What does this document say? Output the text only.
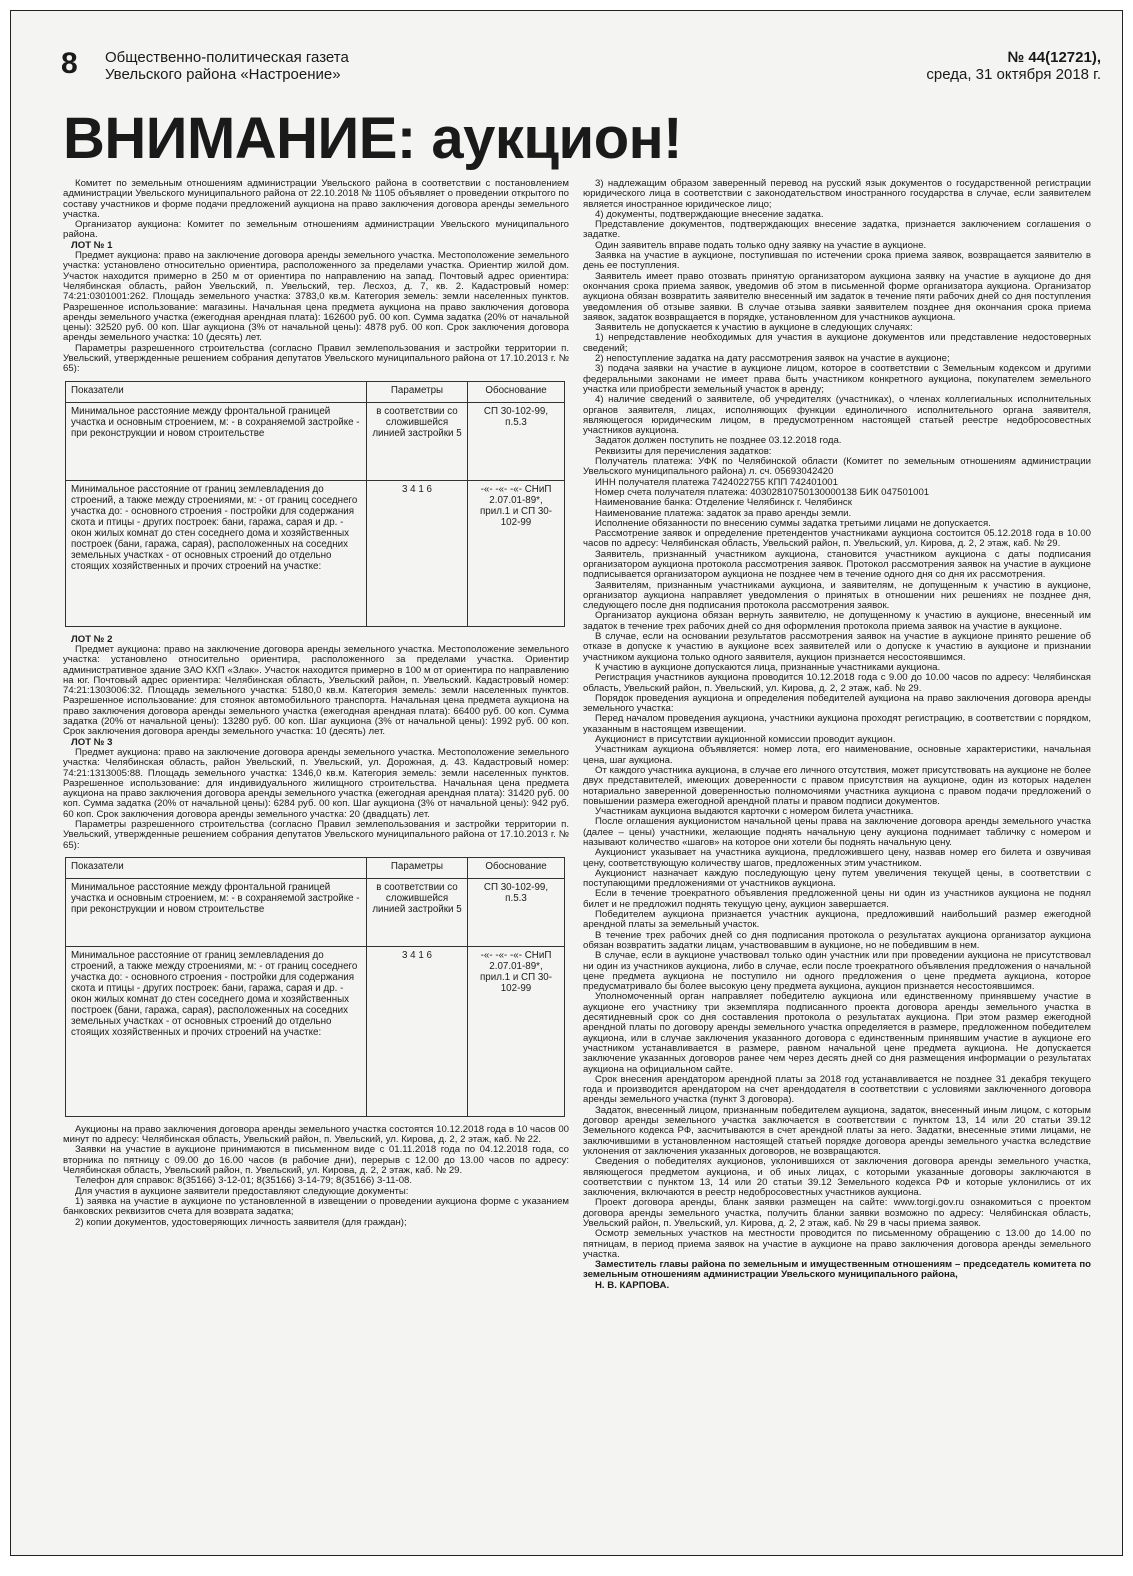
8 Общественно-политическая газета
Увельского района «Настроение»
№ 44(12721),
среда, 31 октября 2018 г.
ВНИМАНИЕ: аукцион!

Комитет по земельным отношениям администрации Увельского района в соответствии с постановлением администрации Увельского муниципального района от 22.10.2018 № 1105 объявляет о проведении открытого по составу участников и форме подачи предложений аукциона на право заключения договора аренды земельного участка.

Организатор аукциона: Комитет по земельным отношениям администрации Увельского муниципального района.

ЛОТ № 1

Предмет аукциона: право на заключение договора аренды земельного участка. Местоположение земельного участка: установлено относительно ориентира, расположенного за пределами участка. Ориентир жилой дом. Участок находится примерно в 250 м от ориентира по направлению на запад. Почтовый адрес ориентира: Челябинская область, район Увельский, п. Увельский, тер. Лесхоз, д. 7, кв. 2. Кадастровый номер: 74:21:0301001:262. Площадь земельного участка: 3783,0 кв.м. Категория земель: земли населенных пунктов. Разрешенное использование: магазины. Начальная цена предмета аукциона на право заключения договора аренды земельного участка (ежегодная арендная плата): 162600 руб. 00 коп. Сумма задатка (20% от начальной цены): 32520 руб. 00 коп. Шаг аукциона (3% от начальной цены): 4878 руб. 00 коп. Срок заключения договора аренды земельного участка: 10 (десять) лет.

Параметры разрешенного строительства (согласно Правил землепользования и застройки территории п. Увельский, утвержденные решением собрания депутатов Увельского муниципального района от 17.10.2013 г. № 65):

Показатели	Параметры	Обоснование
Минимальное расстояние между фронтальной границей участка и основным строением, м: - в сохраняемой застройке - при реконструкции и новом строительстве	в соответствии со сложившейся линией застройки 5	СП 30-102-99, п.5.3
Минимальное расстояние от границ землевладения до строений, а также между строениями, м: - от границ соседнего участка до: - основного строения - постройки для содержания скота и птицы - других построек: бани, гаража, сарая и др. - окон жилых комнат до стен соседнего дома и хозяйственных построек (бани, гаража, сарая), расположенных на соседних земельных участках - от основных строений до отдельно стоящих хозяйственных и прочих строений на участке:	3 4 1 6	-«- -«- -«- СНиП 2.07.01-89*, прил.1 и СП 30-102-99

ЛОТ № 2

Предмет аукциона: право на заключение договора аренды земельного участка. Местоположение земельного участка: установлено относительно ориентира, расположенного за пределами участка. Ориентир административное здание ЗАО КХП «Злак». Участок находится примерно в 100 м от ориентира по направлению на юг. Почтовый адрес ориентира: Челябинская область, Увельский район, п. Увельский. Кадастровый номер: 74:21:1303006:32. Площадь земельного участка: 5180,0 кв.м. Категория земель: земли населенных пунктов. Разрешенное использование: для стоянок автомобильного транспорта. Начальная цена предмета аукциона на право заключения договора аренды земельного участка (ежегодная арендная плата): 66400 руб. 00 коп. Сумма задатка (20% от начальной цены): 13280 руб. 00 коп. Шаг аукциона (3% от начальной цены): 1992 руб. 00 коп. Срок заключения договора аренды земельного участка: 10 (десять) лет.

ЛОТ № 3

Предмет аукциона: право на заключение договора аренды земельного участка. Местоположение земельного участка: Челябинская область, район Увельский, п. Увельский, ул. Дорожная, д. 43. Кадастровый номер: 74:21:1313005:88. Площадь земельного участка: 1346,0 кв.м. Категория земель: земли населенных пунктов. Разрешенное использование: для индивидуального жилищного строительства. Начальная цена предмета аукциона на право заключения договора аренды земельного участка (ежегодная арендная плата): 31420 руб. 00 коп. Сумма задатка (20% от начальной цены): 6284 руб. 00 коп. Шаг аукциона (3% от начальной цены): 942 руб. 60 коп. Срок заключения договора аренды земельного участка: 20 (двадцать) лет.

Параметры разрешенного строительства (согласно Правил землепользования и застройки территории п. Увельский, утвержденные решением собрания депутатов Увельского муниципального района от 17.10.2013 г. № 65):

Показатели	Параметры	Обоснование
Минимальное расстояние между фронтальной границей участка и основным строением, м: - в сохраняемой застройке - при реконструкции и новом строительстве	в соответствии со сложившейся линией застройки 5	СП 30-102-99, п.5.3
Минимальное расстояние от границ землевладения до строений, а также между строениями, м: - от границ соседнего участка до: - основного строения - постройки для содержания скота и птицы - других построек: бани, гаража, сарая и др. - окон жилых комнат до стен соседнего дома и хозяйственных построек (бани, гаража, сарая), расположенных на соседних земельных участках - от основных строений до отдельно стоящих хозяйственных и прочих строений на участке:	3 4 1 6	-«- -«- -«- СНиП 2.07.01-89*, прил.1 и СП 30-102-99

Аукционы на право заключения договора аренды земельного участка состоятся 10.12.2018 года в 10 часов 00 минут по адресу: Челябинская область, Увельский район, п. Увельский, ул. Кирова, д. 2, 2 этаж, каб. № 22.

Заявки на участие в аукционе принимаются в письменном виде с 01.11.2018 года по 04.12.2018 года, со вторника по пятницу с 09.00 до 16.00 часов (в рабочие дни), перерыв с 12.00 до 13.00 часов по адресу: Челябинская область, Увельский район, п. Увельский, ул. Кирова, д. 2, 2 этаж, каб. № 29.

Телефон для справок: 8(35166) 3-12-01; 8(35166) 3-14-79; 8(35166) 3-11-08.

Для участия в аукционе заявители предоставляют следующие документы:

1) заявка на участие в аукционе по установленной в извещении о проведении аукциона форме с указанием банковских реквизитов счета для возврата задатка;

2) копии документов, удостоверяющих личность заявителя (для граждан);

3) надлежащим образом заверенный перевод на русский язык документов о государственной регистрации юридического лица в соответствии с законодательством иностранного государства в случае, если заявителем является иностранное юридическое лицо;

4) документы, подтверждающие внесение задатка.

Представление документов, подтверждающих внесение задатка, признается заключением соглашения о задатке.

Один заявитель вправе подать только одну заявку на участие в аукционе.

Заявка на участие в аукционе, поступившая по истечении срока приема заявок, возвращается заявителю в день ее поступления.

Заявитель имеет право отозвать принятую организатором аукциона заявку на участие в аукционе до дня окончания срока приема заявок, уведомив об этом в письменной форме организатора аукциона. Организатор аукциона обязан возвратить заявителю внесенный им задаток в течение пяти рабочих дней со дня поступления уведомления об отзыве заявки. В случае отзыва заявки заявителем позднее дня окончания срока приема заявок, задаток возвращается в порядке, установленном для участников аукциона.

Заявитель не допускается к участию в аукционе в следующих случаях:

1) непредставление необходимых для участия в аукционе документов или представление недостоверных сведений;

2) непоступление задатка на дату рассмотрения заявок на участие в аукционе;

3) подача заявки на участие в аукционе лицом, которое в соответствии с Земельным кодексом и другими федеральными законами не имеет права быть участником конкретного аукциона, покупателем земельного участка или приобрести земельный участок в аренду;

4) наличие сведений о заявителе, об учредителях (участниках), о членах коллегиальных исполнительных органов заявителя, лицах, исполняющих функции единоличного исполнительного органа заявителя, являющегося юридическим лицом, в предусмотренном настоящей статьей реестре недобросовестных участников аукциона.

Задаток должен поступить не позднее 03.12.2018 года.

Реквизиты для перечисления задатков:

Получатель платежа: УФК по Челябинской области (Комитет по земельным отношениям администрации Увельского муниципального района) л. сч. 05693042420

ИНН получателя платежа 7424022755 КПП 742401001

Номер счета получателя платежа: 40302810750130000138 БИК 047501001

Наименование банка: Отделение Челябинск г. Челябинск

Наименование платежа: задаток за право аренды земли.

Исполнение обязанности по внесению суммы задатка третьими лицами не допускается.

Рассмотрение заявок и определение претендентов участниками аукциона состоится 05.12.2018 года в 10.00 часов по адресу: Челябинская область, Увельский район, п. Увельский, ул. Кирова, д. 2, 2 этаж, каб. № 29.

Заявитель, признанный участником аукциона, становится участником аукциона с даты подписания организатором аукциона протокола рассмотрения заявок. Протокол рассмотрения заявок на участие в аукционе подписывается организатором аукциона не позднее чем в течение одного дня со дня их рассмотрения.

Заявителям, признанным участниками аукциона, и заявителям, не допущенным к участию в аукционе, организатор аукциона направляет уведомления о принятых в отношении них решениях не позднее дня, следующего после дня подписания протокола рассмотрения заявок.

Организатор аукциона обязан вернуть заявителю, не допущенному к участию в аукционе, внесенный им задаток в течение трех рабочих дней со дня оформления протокола приема заявок на участие в аукционе.

В случае, если на основании результатов рассмотрения заявок на участие в аукционе принято решение об отказе в допуске к участию в аукционе всех заявителей или о допуске к участию в аукционе и признании участником аукциона только одного заявителя, аукцион признается несостоявшимся.

К участию в аукционе допускаются лица, признанные участниками аукциона.

Регистрация участников аукциона проводится 10.12.2018 года с 9.00 до 10.00 часов по адресу: Челябинская область, Увельский район, п. Увельский, ул. Кирова, д. 2, 2 этаж, каб. № 29.

Порядок проведения аукциона и определения победителей аукциона на право заключения договора аренды земельного участка:

Перед началом проведения аукциона, участники аукциона проходят регистрацию, в соответствии с порядком, указанным в настоящем извещении.

Аукционист в присутствии аукционной комиссии проводит аукцион.

Участникам аукциона объявляется: номер лота, его наименование, основные характеристики, начальная цена, шаг аукциона.

От каждого участника аукциона, в случае его личного отсутствия, может присутствовать на аукционе не более двух представителей, имеющих доверенности с правом присутствия на аукционе, один из которых наделен нотариально заверенной доверенностью полномочиями участника аукциона с правом подачи предложений о повышении размера ежегодной арендной платы и правом подписи документов.

Участникам аукциона выдаются карточки с номером билета участника.

После оглашения аукционистом начальной цены права на заключение договора аренды земельного участка (далее – цены) участники, желающие поднять начальную цену аукциона поднимает табличку с номером и называют количество «шагов» на которое они хотели бы поднять начальную цену.

Аукционист указывает на участника аукциона, предложившего цену, назвав номер его билета и озвучивая цену, соответствующую количеству шагов, предложенных этим участником.

Аукционист назначает каждую последующую цену путем увеличения текущей цены, в соответствии с поступающими предложениями от участников аукциона.

Если в течение троекратного объявления предложенной цены ни один из участников аукциона не поднял билет и не предложил поднять текущую цену, аукцион завершается.

Победителем аукциона признается участник аукциона, предложивший наибольший размер ежегодной арендной платы за земельный участок.

В течение трех рабочих дней со дня подписания протокола о результатах аукциона организатор аукциона обязан возвратить задатки лицам, участвовавшим в аукционе, но не победившим в нем.

В случае, если в аукционе участвовал только один участник или при проведении аукциона не присутствовал ни один из участников аукциона, либо в случае, если после троекратного объявления предложения о начальной цене предмета аукциона не поступило ни одного предложения о цене предмета аукциона, которое предусматривало бы более высокую цену предмета аукциона, аукцион признается несостоявшимся.

Уполномоченный орган направляет победителю аукциона или единственному принявшему участие в аукционе его участнику три экземпляра подписанного проекта договора аренды земельного участка в десятидневный срок со дня составления протокола о результатах аукциона. При этом размер ежегодной арендной платы по договору аренды земельного участка определяется в размере, предложенном победителем аукциона, или в случае заключения указанного договора с единственным принявшим участие в аукционе его участником устанавливается в размере, равном начальной цене предмета аукциона. Не допускается заключение указанных договоров ранее чем через десять дней со дня размещения информации о результатах аукциона на официальном сайте.

Срок внесения арендатором арендной платы за 2018 год устанавливается не позднее 31 декабря текущего года и производится арендатором на счет арендодателя в соответствии с условиями заключенного договора аренды земельного участка (пункт 3 договора).

Задаток, внесенный лицом, признанным победителем аукциона, задаток, внесенный иным лицом, с которым договор аренды земельного участка заключается в соответствии с пунктом 13, 14 или 20 статьи 39.12 Земельного кодекса РФ, засчитываются в счет арендной платы за него. Задатки, внесенные этими лицами, не заключившими в установленном настоящей статьей порядке договора аренды земельного участка вследствие уклонения от заключения указанных договоров, не возвращаются.

Сведения о победителях аукционов, уклонившихся от заключения договора аренды земельного участка, являющегося предметом аукциона, и об иных лицах, с которыми указанные договоры заключаются в соответствии с пунктом 13, 14 или 20 статьи 39.12 Земельного кодекса РФ и которые уклонились от их заключения, включаются в реестр недобросовестных участников аукциона.

Проект договора аренды, бланк заявки размещен на сайте: www.torgi.gov.ru ознакомиться с проектом договора аренды земельного участка, получить бланки заявки возможно по адресу: Челябинская область, Увельский район, п. Увельский, ул. Кирова, д. 2, 2 этаж, каб. № 29 в часы приема заявок.

Осмотр земельных участков на местности проводится по письменному обращению с 13.00 до 14.00 по пятницам, в период приема заявок на участие в аукционе на право заключения договора аренды земельного участка.

Заместитель главы района по земельным и имущественным отношениям – председатель комитета по земельным отношениям администрации Увельского муниципального района,

Н. В. КАРПОВА.
